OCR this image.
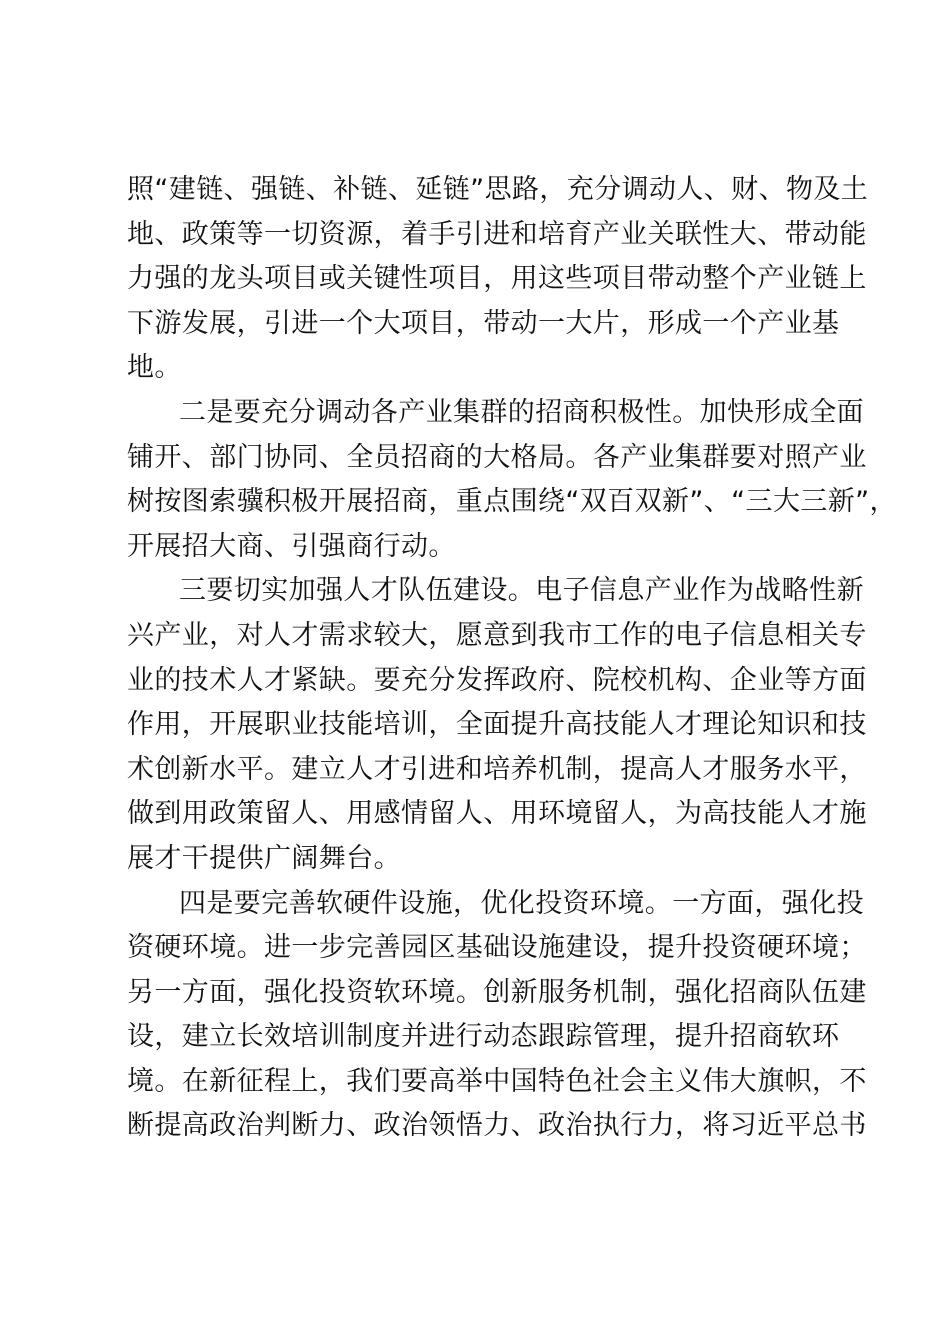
照“建链、强链、补链、延链”思路，充分调动人、财、物及土
地、政策等一切资源，着手引进和培育产业关联性大、带动能
力强的龙头项目或关键性项目，用这些项目带动整个产业链上
下游发展，引进一个大项目，带动一大片，形成一个产业基
地。
二是要充分调动各产业集群的招商积极性。加快形成全面
铺开、部门协同、全员招商的大格局。各产业集群要对照产业
树按图索骥积极开展招商，重点围绕“双百双新”、“三大三新”，
开展招大商、引强商行动。
三要切实加强人才队伍建设。电子信息产业作为战略性新
兴产业，对人才需求较大，愿意到我市工作的电子信息相关专
业的技术人才紧缺。要充分发挥政府、院校机构、企业等方面
作用，开展职业技能培训，全面提升高技能人才理论知识和技
术创新水平。建立人才引进和培养机制，提高人才服务水平，
做到用政策留人、用感情留人、用环境留人，为高技能人才施
展才干提供广阔舞台。
四是要完善软硬件设施，优化投资环境。一方面，强化投
资硬环境。进一步完善园区基础设施建设，提升投资硬环境；
另一方面，强化投资软环境。创新服务机制，强化招商队伍建
设，建立长效培训制度并进行动态跟踪管理，提升招商软环
境。在新征程上，我们要高举中国特色社会主义伟大旗帜，不
断提高政治判断力、政治领悟力、政治执行力，将习近平总书
